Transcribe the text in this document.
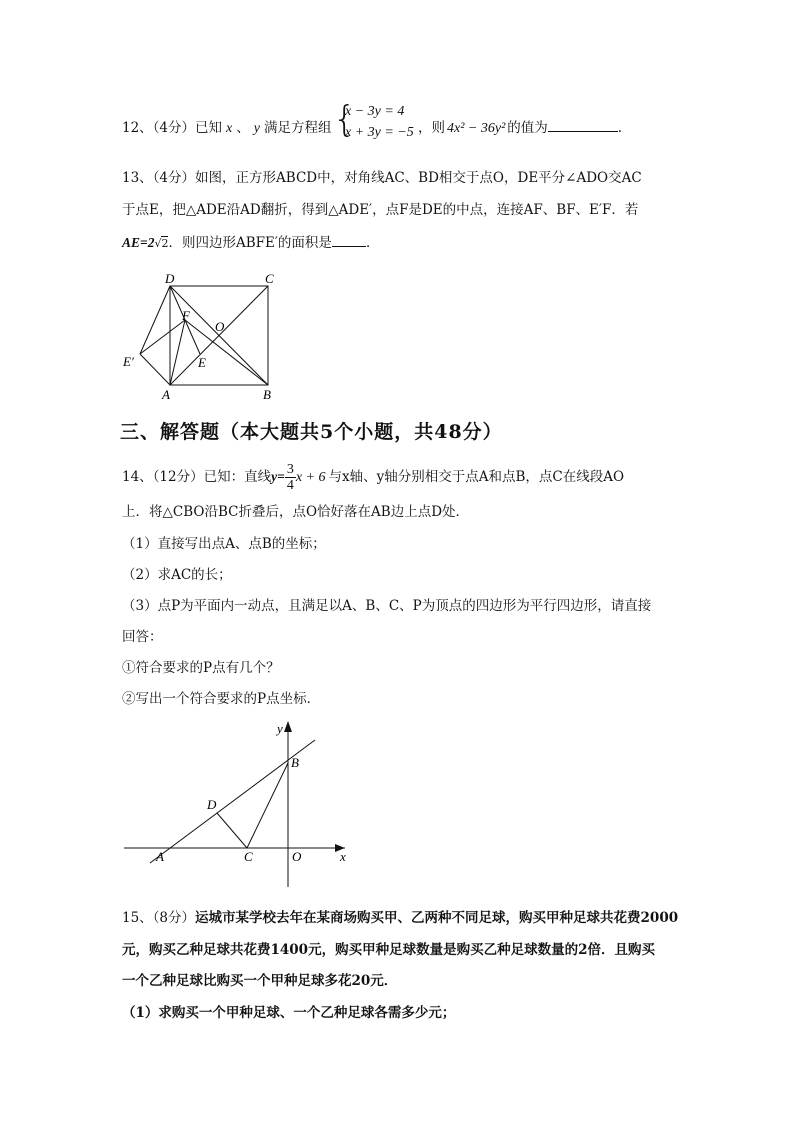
12、（4分）已知 x 、 y 满足方程组 {
x − 3y = 4
x + 3y = −5 ，则 4x² − 36y² 的值为	.
13、（4分）如图，正方形ABCD中，对角线AC、BD相交于点O，DE平分∠ADO交AC
于点E，把△ADE沿AD翻折，得到△ADE′，点F是DE的中点，连接AF、BF、E′F．若
AE=2√2．则四边形ABFE′的面积是	．
D	C
F
O
E′	E
A	B
三、解答题（本大题共5个小题，共48分）
14、（12分）已知：直线$y= \frac{3}{4}$ x + 6 与x轴、y轴分别相交于点A和点B，点C在线段AO
上．将△CBO沿BC折叠后，点O恰好落在AB边上点D处．
（1）直接写出点A、点B的坐标；
（2）求AC的长；
（3）点P为平面内一动点，且满足以A、B、C、P为顶点的四边形为平行四边形，请直接
回答：
①符合要求的P点有几个？
②写出一个符合要求的P点坐标．
y
B
D
A	C	O	x
15、（8分）运城市某学校去年在某商场购买甲、乙两种不同足球，购买甲种足球共花费2000
元，购买乙种足球共花费1400元，购买甲种足球数量是购买乙种足球数量的2倍．且购买
一个乙种足球比购买一个甲种足球多花20元．
（1）求购买一个甲种足球、一个乙种足球各需多少元；
